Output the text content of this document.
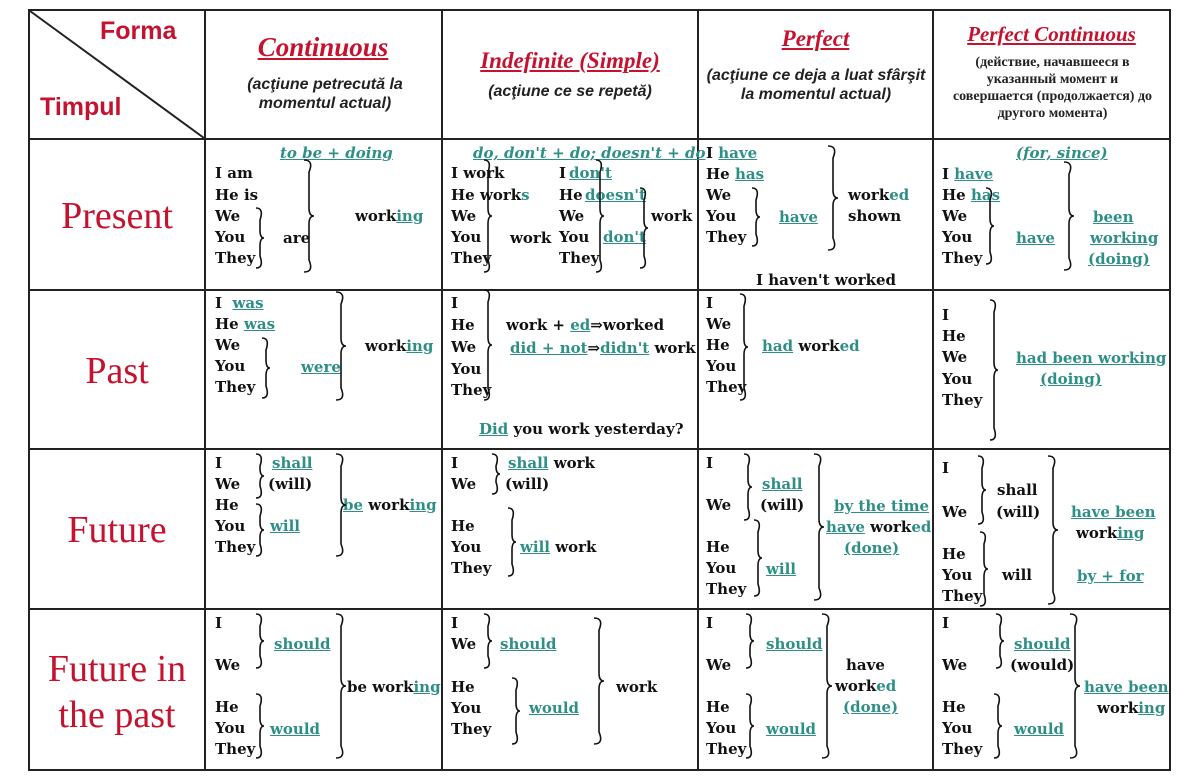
Forma
Timpul
Continuous
(acţiune petrecută la momentul actual)
Indefinite (Simple)
(acţiune ce se repetă)
Perfect
(acţiune ce deja a luat sfârşit la momentul actual)
Perfect Continuous
(действие, начавшееся в указанный момент и совершается (продолжается) до другого момента)
Present
Past
Future
Future in the past
to be + doing
I am
He is
We
You
They
are
working
do, don't + do; doesn't + do
I work
He works
We
You
They
work
I don't
He doesn't
We
You don't
They
work
I have
He has
We
You
They
have
worked
shown
I haven't worked
(for, since)
I have
He has
We
You
They
have
been
working
(doing)
I was
He was
We
You
They
were
working
I
He
We
You
They
work + ed⇒worked
did + not⇒didn't work
Did you work yesterday?
I
We
He
You
They
had worked
I
He
We
You
They
had been working
(doing)
I
We
He
You
They
shall
(will)
will
be working
I
We
shall work
(will)
He
You
They
will work
I
We
shall
(will)
He
You
They
will
by the time
have worked
(done)
I
We
shall
(will)
He
You
They
will
have been
working
by + for
I
We
should
He
You
They
would
be working
I
We should
He
You
They
would
work
I
We
should
He
You
They
would
have
worked
(done)
I
We
should
(would)
He
You
They
would
have been
working
